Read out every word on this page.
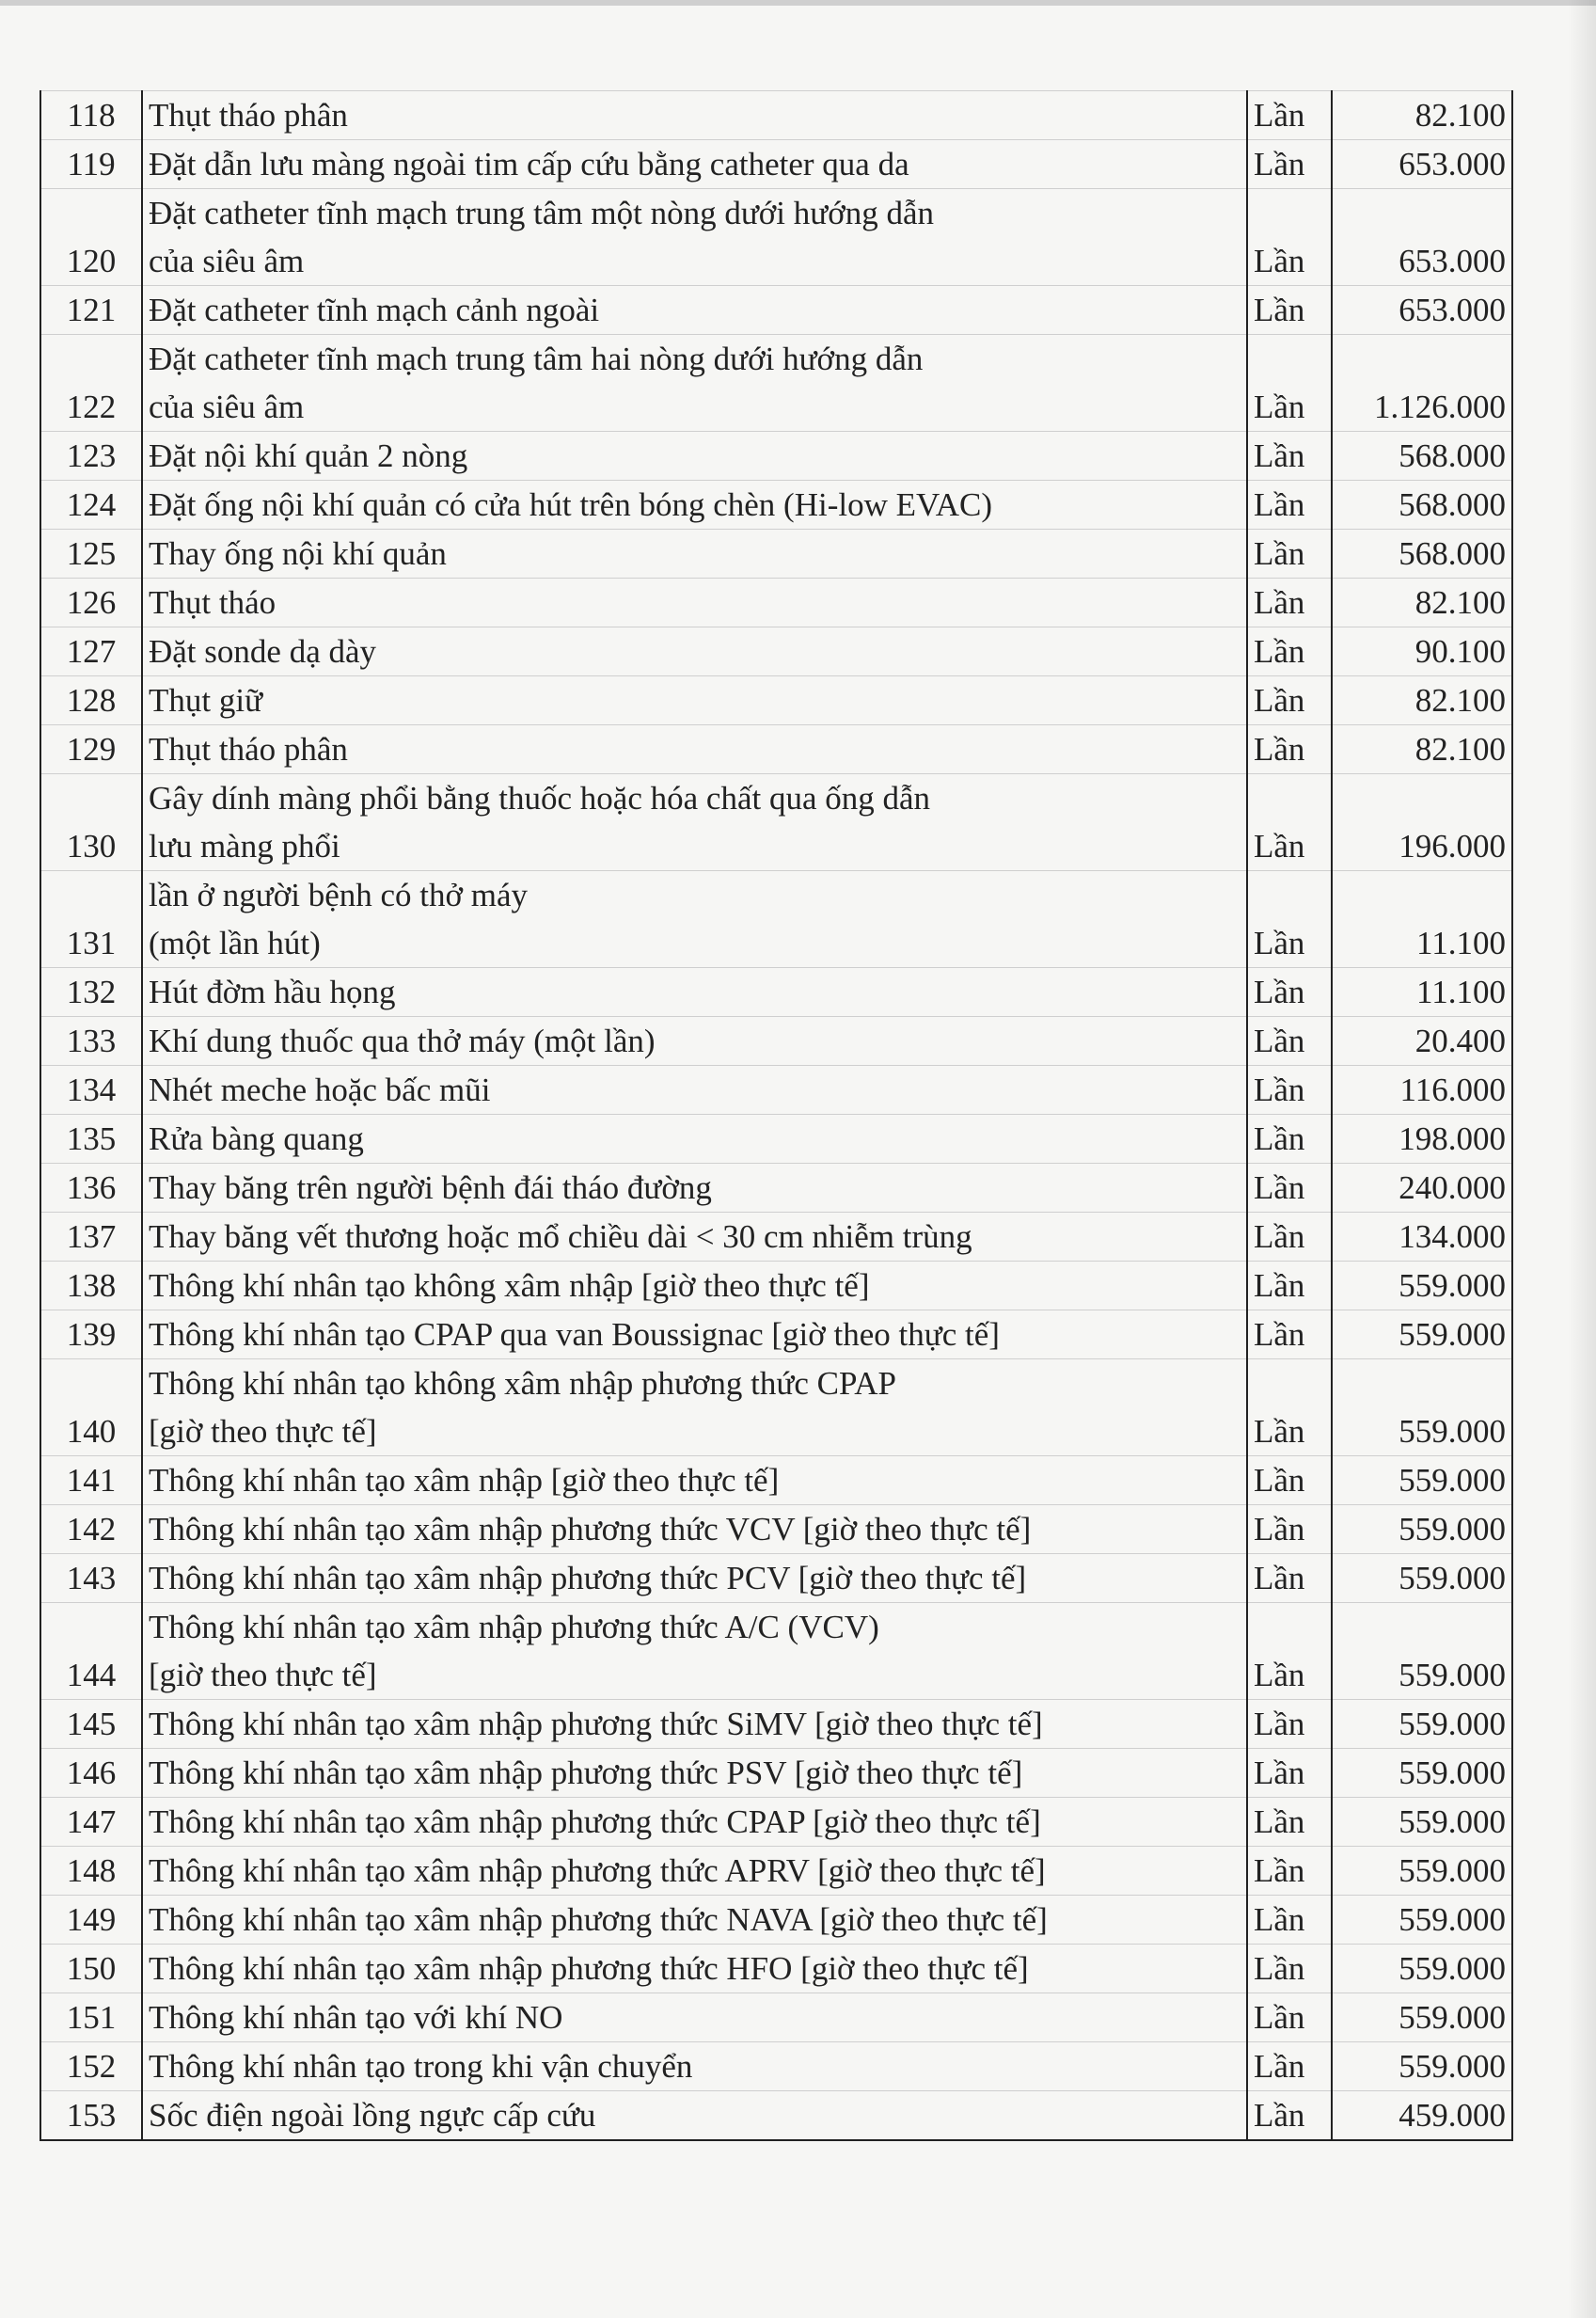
118	Thụt tháo phân	Lần	82.100
119	Đặt dẫn lưu màng ngoài tim cấp cứu bằng catheter qua da	Lần	653.000
120	Đặt catheter tĩnh mạch trung tâm một nòng dưới hướng dẫn
của siêu âm	Lần	653.000
121	Đặt catheter tĩnh mạch cảnh ngoài	Lần	653.000
122	Đặt catheter tĩnh mạch trung tâm hai nòng dưới hướng dẫn
của siêu âm	Lần	1.126.000
123	Đặt nội khí quản 2 nòng	Lần	568.000
124	Đặt ống nội khí quản có cửa hút trên bóng chèn (Hi-low EVAC)	Lần	568.000
125	Thay ống nội khí quản	Lần	568.000
126	Thụt tháo	Lần	82.100
127	Đặt sonde dạ dày	Lần	90.100
128	Thụt giữ	Lần	82.100
129	Thụt tháo phân	Lần	82.100
130	Gây dính màng phổi bằng thuốc hoặc hóa chất qua ống dẫn
lưu màng phổi	Lần	196.000
131	lần ở người bệnh có thở máy
(một lần hút)	Lần	11.100
132	Hút đờm hầu họng	Lần	11.100
133	Khí dung thuốc qua thở máy (một lần)	Lần	20.400
134	Nhét meche hoặc bấc mũi	Lần	116.000
135	Rửa bàng quang	Lần	198.000
136	Thay băng trên người bệnh đái tháo đường	Lần	240.000
137	Thay băng vết thương hoặc mổ chiều dài < 30 cm nhiễm trùng	Lần	134.000
138	Thông khí nhân tạo không xâm nhập [giờ theo thực tế]	Lần	559.000
139	Thông khí nhân tạo CPAP qua van Boussignac [giờ theo thực tế]	Lần	559.000
140	Thông khí nhân tạo không xâm nhập phương thức CPAP
[giờ theo thực tế]	Lần	559.000
141	Thông khí nhân tạo xâm nhập [giờ theo thực tế]	Lần	559.000
142	Thông khí nhân tạo xâm nhập phương thức VCV [giờ theo thực tế]	Lần	559.000
143	Thông khí nhân tạo xâm nhập phương thức PCV [giờ theo thực tế]	Lần	559.000
144	Thông khí nhân tạo xâm nhập phương thức A/C (VCV)
[giờ theo thực tế]	Lần	559.000
145	Thông khí nhân tạo xâm nhập phương thức SiMV [giờ theo thực tế]	Lần	559.000
146	Thông khí nhân tạo xâm nhập phương thức PSV [giờ theo thực tế]	Lần	559.000
147	Thông khí nhân tạo xâm nhập phương thức CPAP [giờ theo thực tế]	Lần	559.000
148	Thông khí nhân tạo xâm nhập phương thức APRV [giờ theo thực tế]	Lần	559.000
149	Thông khí nhân tạo xâm nhập phương thức NAVA [giờ theo thực tế]	Lần	559.000
150	Thông khí nhân tạo xâm nhập phương thức HFO [giờ theo thực tế]	Lần	559.000
151	Thông khí nhân tạo với khí NO	Lần	559.000
152	Thông khí nhân tạo trong khi vận chuyển	Lần	559.000
153	Sốc điện ngoài lồng ngực cấp cứu	Lần	459.000
